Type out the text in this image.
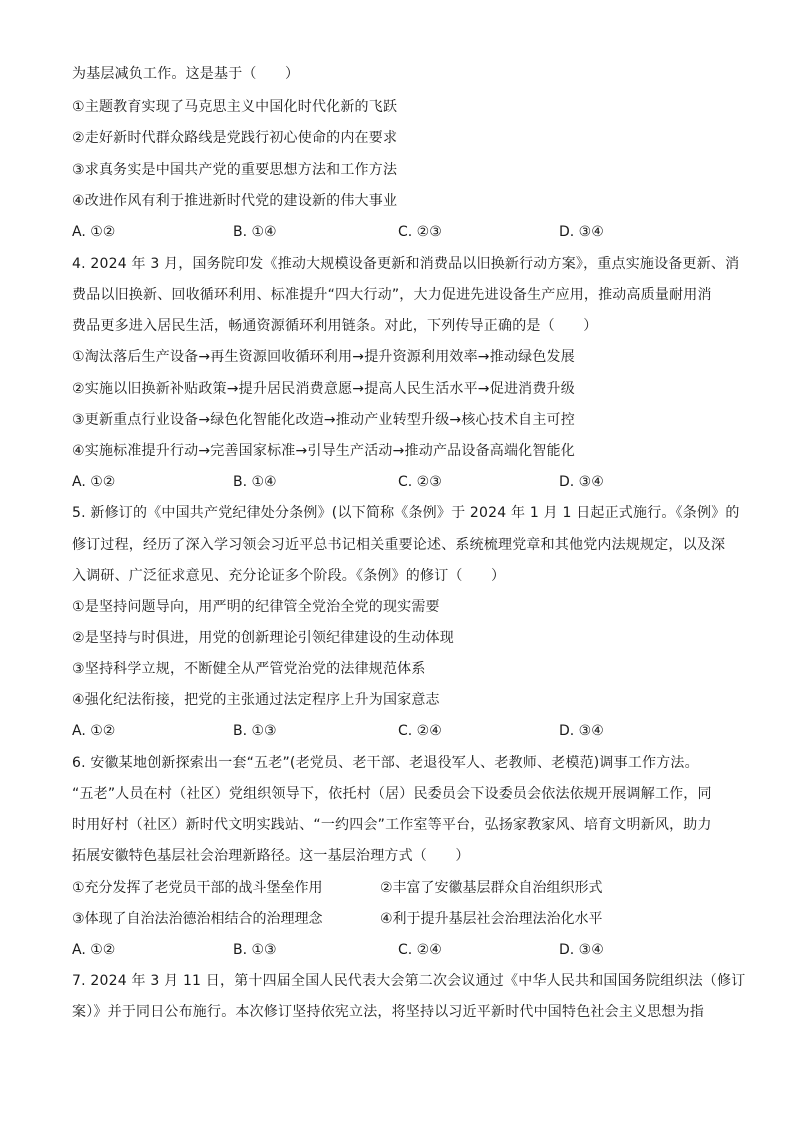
为基层减负工作。这是基于（　　）
①主题教育实现了马克思主义中国化时代化新的飞跃
②走好新时代群众路线是党践行初心使命的内在要求
③求真务实是中国共产党的重要思想方法和工作方法
④改进作风有利于推进新时代党的建设新的伟大事业
A. ①②	B. ①④	C. ②③	D. ③④
4. 2024 年 3 月，国务院印发《推动大规模设备更新和消费品以旧换新行动方案》，重点实施设备更新、消
费品以旧换新、回收循环利用、标准提升“四大行动”，大力促进先进设备生产应用，推动高质量耐用消
费品更多进入居民生活，畅通资源循环利用链条。对此，下列传导正确的是（　　）
①淘汰落后生产设备→再生资源回收循环利用→提升资源利用效率→推动绿色发展
②实施以旧换新补贴政策→提升居民消费意愿→提高人民生活水平→促进消费升级
③更新重点行业设备→绿色化智能化改造→推动产业转型升级→核心技术自主可控
④实施标准提升行动→完善国家标准→引导生产活动→推动产品设备高端化智能化
A. ①②	B. ①④	C. ②③	D. ③④
5. 新修订的《中国共产党纪律处分条例》(以下简称《条例》于 2024 年 1 月 1 日起正式施行。《条例》的
修订过程，经历了深入学习领会习近平总书记相关重要论述、系统梳理党章和其他党内法规规定，以及深
入调研、广泛征求意见、充分论证多个阶段。《条例》的修订（　　）
①是坚持问题导向，用严明的纪律管全党治全党的现实需要
②是坚持与时俱进，用党的创新理论引领纪律建设的生动体现
③坚持科学立规，不断健全从严管党治党的法律规范体系
④强化纪法衔接，把党的主张通过法定程序上升为国家意志
A. ①②	B. ①③	C. ②④	D. ③④
6. 安徽某地创新探索出一套“五老”(老党员、老干部、老退役军人、老教师、老模范)调事工作方法。
“五老”人员在村（社区）党组织领导下，依托村（居）民委员会下设委员会依法依规开展调解工作，同
时用好村（社区）新时代文明实践站、“一约四会”工作室等平台，弘扬家教家风、培育文明新风，助力
拓展安徽特色基层社会治理新路径。这一基层治理方式（　　）
①充分发挥了老党员干部的战斗堡垒作用	②丰富了安徽基层群众自治组织形式
③体现了自治法治德治相结合的治理理念	④利于提升基层社会治理法治化水平
A. ①②	B. ①③	C. ②④	D. ③④
7. 2024 年 3 月 11 日，第十四届全国人民代表大会第二次会议通过《中华人民共和国国务院组织法（修订
案）》并于同日公布施行。本次修订坚持依宪立法，将坚持以习近平新时代中国特色社会主义思想为指
